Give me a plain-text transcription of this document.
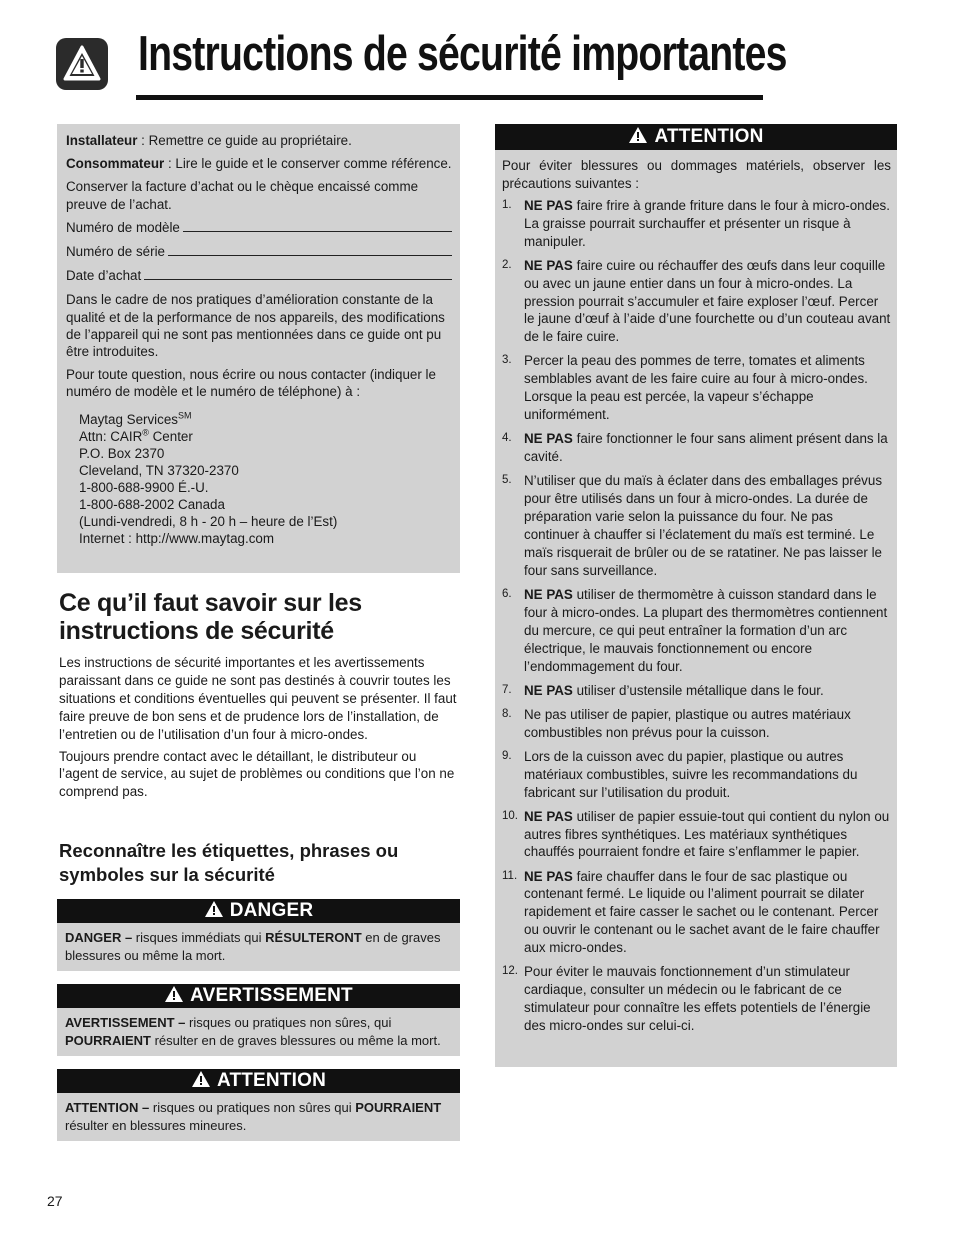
Instructions de sécurité importantes

Installateur : Remettre ce guide au propriétaire.

Consommateur : Lire le guide et le conserver comme référence.

Conserver la facture d’achat ou le chèque encaissé comme preuve de l’achat.

Numéro de modèle
Numéro de série
Date d’achat

Dans le cadre de nos pratiques d’amélioration constante de la qualité et de la performance de nos appareils, des modifications de l’appareil qui ne sont pas mentionnées dans ce guide ont pu être introduites.

Pour toute question, nous écrire ou nous contacter (indiquer le numéro de modèle et le numéro de téléphone) à :

Maytag Services℠
Attn: CAIR® Center
P.O. Box 2370
Cleveland, TN 37320-2370
1-800-688-9900 É.-U.
1-800-688-2002 Canada
(Lundi-vendredi, 8 h - 20 h – heure de l’Est)
Internet : http://www.maytag.com
Ce qu’il faut savoir sur les instructions de sécurité

Les instructions de sécurité importantes et les avertissements paraissant dans ce guide ne sont pas destinés à couvrir toutes les situations et conditions éventuelles qui peuvent se présenter. Il faut faire preuve de bon sens et de prudence lors de l’installation, de l’entretien ou de l’utilisation d’un four à micro-ondes.

Toujours prendre contact avec le détaillant, le distributeur ou l’agent de service, au sujet de problèmes ou conditions que l’on ne comprend pas.

Reconnaître les étiquettes, phrases ou symboles sur la sécurité
DANGER
DANGER – risques immédiats qui RÉSULTERONT en de graves blessures ou même la mort.
AVERTISSEMENT
AVERTISSEMENT – risques ou pratiques non sûres, qui POURRAIENT résulter en de graves blessures ou même la mort.
ATTENTION
ATTENTION – risques ou pratiques non sûres qui POURRAIENT résulter en blessures mineures.
ATTENTION
Pour éviter blessures ou dommages matériels, observer les précautions suivantes :
1. NE PAS faire frire à grande friture dans le four à micro-ondes. La graisse pourrait surchauffer et présenter un risque à manipuler.
2. NE PAS faire cuire ou réchauffer des œufs dans leur coquille ou avec un jaune entier dans un four à micro-ondes. La pression pourrait s’accumuler et faire exploser l’œuf. Percer le jaune d’œuf à l’aide d’une fourchette ou d’un couteau avant de le faire cuire.
3. Percer la peau des pommes de terre, tomates et aliments semblables avant de les faire cuire au four à micro-ondes. Lorsque la peau est percée, la vapeur s’échappe uniformément.
4. NE PAS faire fonctionner le four sans aliment présent dans la cavité.
5. N’utiliser que du maïs à éclater dans des emballages prévus pour être utilisés dans un four à micro-ondes. La durée de préparation varie selon la puissance du four. Ne pas continuer à chauffer si l’éclatement du maïs est terminé. Le maïs risquerait de brûler ou de se ratatiner. Ne pas laisser le four sans surveillance.
6. NE PAS utiliser de thermomètre à cuisson standard dans le four à micro-ondes. La plupart des thermomètres contiennent du mercure, ce qui peut entraîner la formation d’un arc électrique, le mauvais fonctionnement ou encore l’endommagement du four.
7. NE PAS utiliser d’ustensile métallique dans le four.
8. Ne pas utiliser de papier, plastique ou autres matériaux combustibles non prévus pour la cuisson.
9. Lors de la cuisson avec du papier, plastique ou autres matériaux combustibles, suivre les recommandations du fabricant sur l’utilisation du produit.
10. NE PAS utiliser de papier essuie-tout qui contient du nylon ou autres fibres synthétiques. Les matériaux synthétiques chauffés pourraient fondre et faire s’enflammer le papier.
11. NE PAS faire chauffer dans le four de sac plastique ou contenant fermé. Le liquide ou l’aliment pourrait se dilater rapidement et faire casser le sachet ou le contenant. Percer ou ouvrir le contenant ou le sachet avant de le faire chauffer aux micro-ondes.
12. Pour éviter le mauvais fonctionnement d’un stimulateur cardiaque, consulter un médecin ou le fabricant de ce stimulateur pour connaître les effets potentiels de l’énergie des micro-ondes sur celui-ci.
27
